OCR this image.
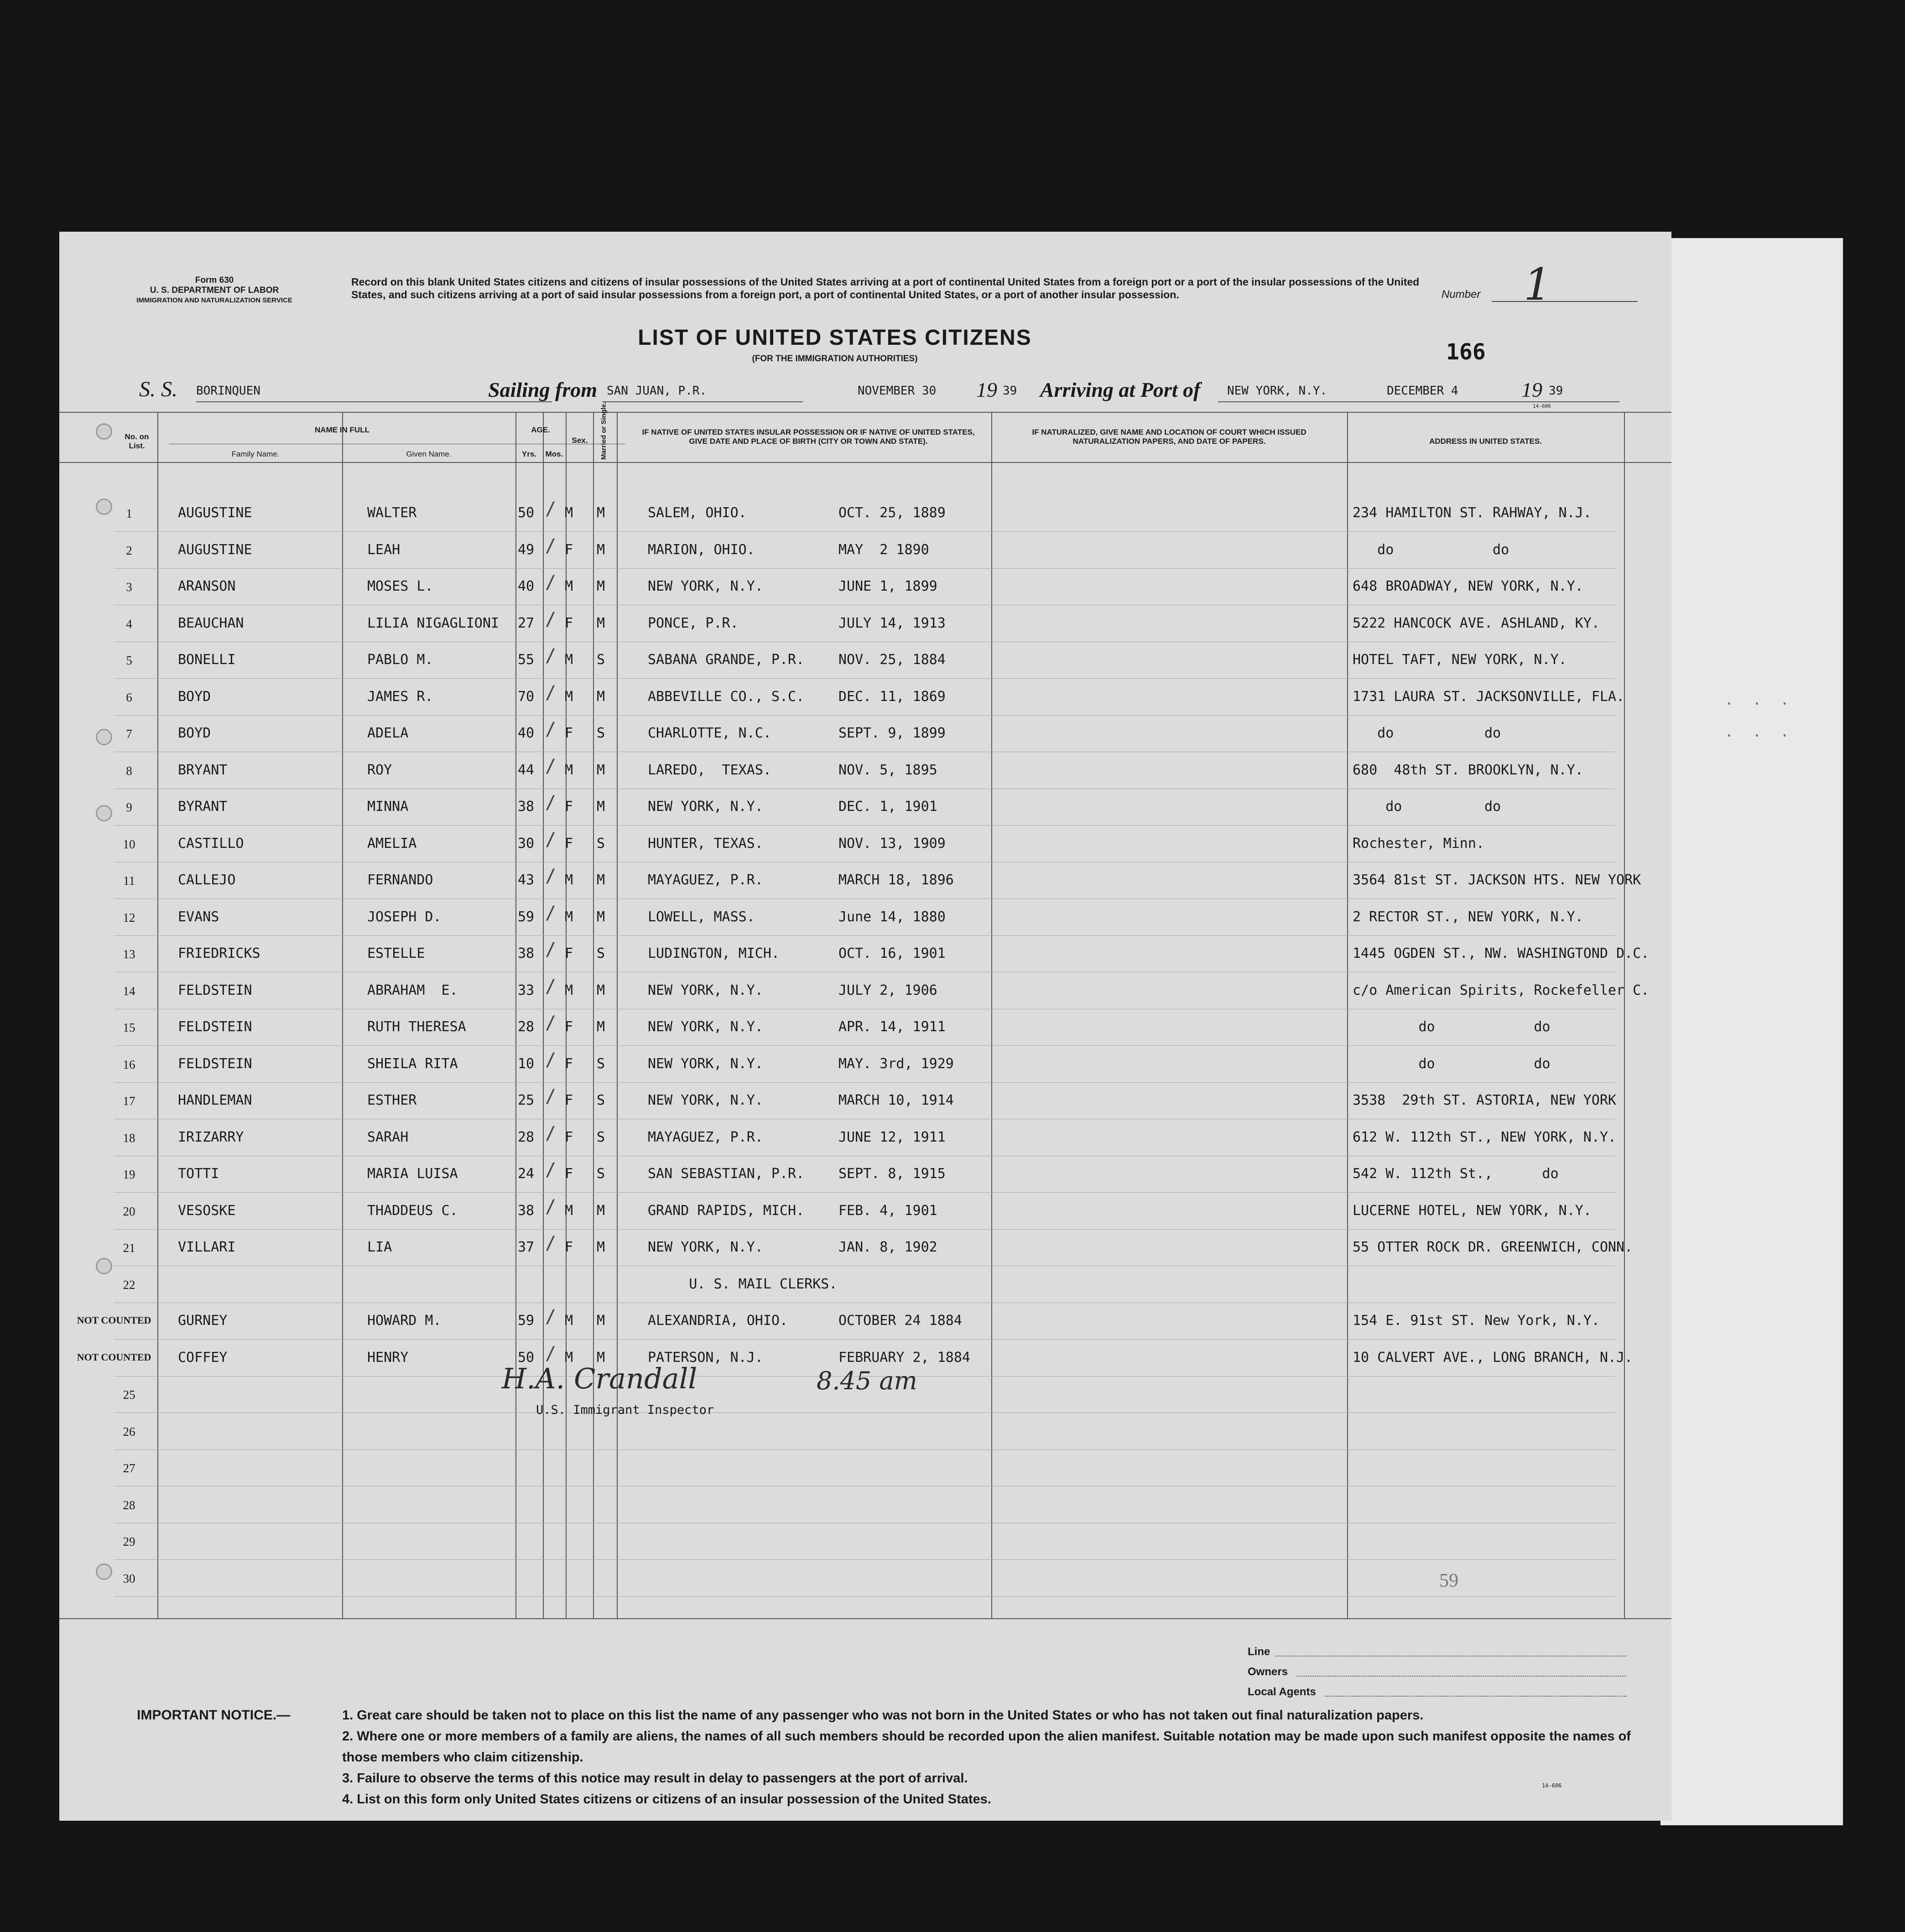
. . .
. . .
Form 630
U. S. DEPARTMENT OF LABOR
IMMIGRATION AND NATURALIZATION SERVICE
Record on this blank United States citizens and citizens of insular possessions of the United States arriving at a port of continental United States from a foreign port or a port of the insular possessions of the United States, and such citizens arriving at a port of said insular possessions from a foreign port, a port of continental United States, or a port of another insular possession.
LIST OF UNITED STATES CITIZENS
(FOR THE IMMIGRATION AUTHORITIES)
Number 1
166
S. S. BORINQUEN	Sailing from SAN JUAN, P.R.	NOVEMBER 30 19 39 Arriving at Port of NEW YORK, N.Y.	DECEMBER 4	19 39
14-606
No. on List.
NAME IN FULL
Family Name.	Given Name.
AGE.
Yrs.	Mos.
Sex.	Married or Single.	IF NATIVE OF UNITED STATES INSULAR POSSESSION OR IF NATIVE OF UNITED STATES, GIVE DATE AND PLACE OF BIRTH (CITY OR TOWN AND STATE).
IF NATURALIZED, GIVE NAME AND LOCATION OF COURT WHICH ISSUED NATURALIZATION PAPERS, AND DATE OF PAPERS.	ADDRESS IN UNITED STATES.
1	AUGUSTINE	WALTER	50 M M	SALEM, OHIO.	OCT. 25, 1889	234 HAMILTON ST. RAHWAY, N.J.
/
2	AUGUSTINE	LEAH	49 F M	MARION, OHIO.	MAY  2 1890	do            do
/
3	ARANSON	MOSES L.	40 M M	NEW YORK, N.Y.	JUNE 1, 1899	648 BROADWAY, NEW YORK, N.Y.
/
4	BEAUCHAN	LILIA NIGAGLIONI 27 F M	PONCE, P.R.	JULY 14, 1913	5222 HANCOCK AVE. ASHLAND, KY.
/
5	BONELLI	PABLO M.	55 M S	SABANA GRANDE, P.R. NOV. 25, 1884	HOTEL TAFT, NEW YORK, N.Y.
/
6	BOYD	JAMES R.	70 M M	ABBEVILLE CO., S.C. DEC. 11, 1869	1731 LAURA ST. JACKSONVILLE, FLA.
/
7	BOYD	ADELA	40 F S	CHARLOTTE, N.C.	SEPT. 9, 1899	do           do
/
8	BRYANT	ROY	44 M M	LAREDO,  TEXAS.	NOV. 5, 1895	680  48th ST. BROOKLYN, N.Y.
/
9	BYRANT	MINNA	38 F M	NEW YORK, N.Y.	DEC. 1, 1901	do          do
/
10	CASTILLO	AMELIA	30 F S	HUNTER, TEXAS.	NOV. 13, 1909	Rochester, Minn.
/
11	CALLEJO	FERNANDO	43 M M	MAYAGUEZ, P.R.	MARCH 18, 1896	3564 81st ST. JACKSON HTS. NEW YORK
/
12	EVANS	JOSEPH D.	59 M M	LOWELL, MASS.	June 14, 1880	2 RECTOR ST., NEW YORK, N.Y.
/
13	FRIEDRICKS	ESTELLE	38 F S	LUDINGTON, MICH.	OCT. 16, 1901	1445 OGDEN ST., NW. WASHINGTOND D.C.
/
14	FELDSTEIN	ABRAHAM  E.	33 M M	NEW YORK, N.Y.	JULY 2, 1906	c/o American Spirits, Rockefeller C.
/
15	FELDSTEIN	RUTH THERESA	28 F M	NEW YORK, N.Y.	APR. 14, 1911	do            do
/
16	FELDSTEIN	SHEILA RITA	10 F S	NEW YORK, N.Y.	MAY. 3rd, 1929	do            do
/
17	HANDLEMAN	ESTHER	25 F S	NEW YORK, N.Y.	MARCH 10, 1914	3538  29th ST. ASTORIA, NEW YORK
/
18	IRIZARRY	SARAH	28 F S	MAYAGUEZ, P.R.	JUNE 12, 1911	612 W. 112th ST., NEW YORK, N.Y.
/
19	TOTTI	MARIA LUISA	24 F S	SAN SEBASTIAN, P.R. SEPT. 8, 1915	542 W. 112th St.,      do
/
20	VESOSKE	THADDEUS C.	38 M M	GRAND RAPIDS, MICH. FEB. 4, 1901	LUCERNE HOTEL, NEW YORK, N.Y.
/
21	VILLARI	LIA	37 F M	NEW YORK, N.Y.	JAN. 8, 1902	55 OTTER ROCK DR. GREENWICH, CONN.
/
22	U. S. MAIL CLERKS.
NOT COUNTED	GURNEY	HOWARD M.	59 M M	ALEXANDRIA, OHIO.	OCTOBER 24 1884	154 E. 91st ST. New York, N.Y.
/
NOT COUNTED	COFFEY	HENRY	50 M M	PATERSON, N.J.	FEBRUARY 2, 1884	10 CALVERT AVE., LONG BRANCH, N.J.
/
25
26
27
28
29
30
H.A. Crandall	8.45 am
U.S. Immigrant Inspector
59
Line
Owners
Local Agents
IMPORTANT NOTICE.—	1. Great care should be taken not to place on this list the name of any passenger who was not born in the United States or who has not taken out final naturalization papers.
2. Where one or more members of a family are aliens, the names of all such members should be recorded upon the alien manifest. Suitable notation may be made upon such manifest opposite the names of those members who claim citizenship.
3. Failure to observe the terms of this notice may result in delay to passengers at the port of arrival.
4. List on this form only United States citizens or citizens of an insular possession of the United States.
14-606
